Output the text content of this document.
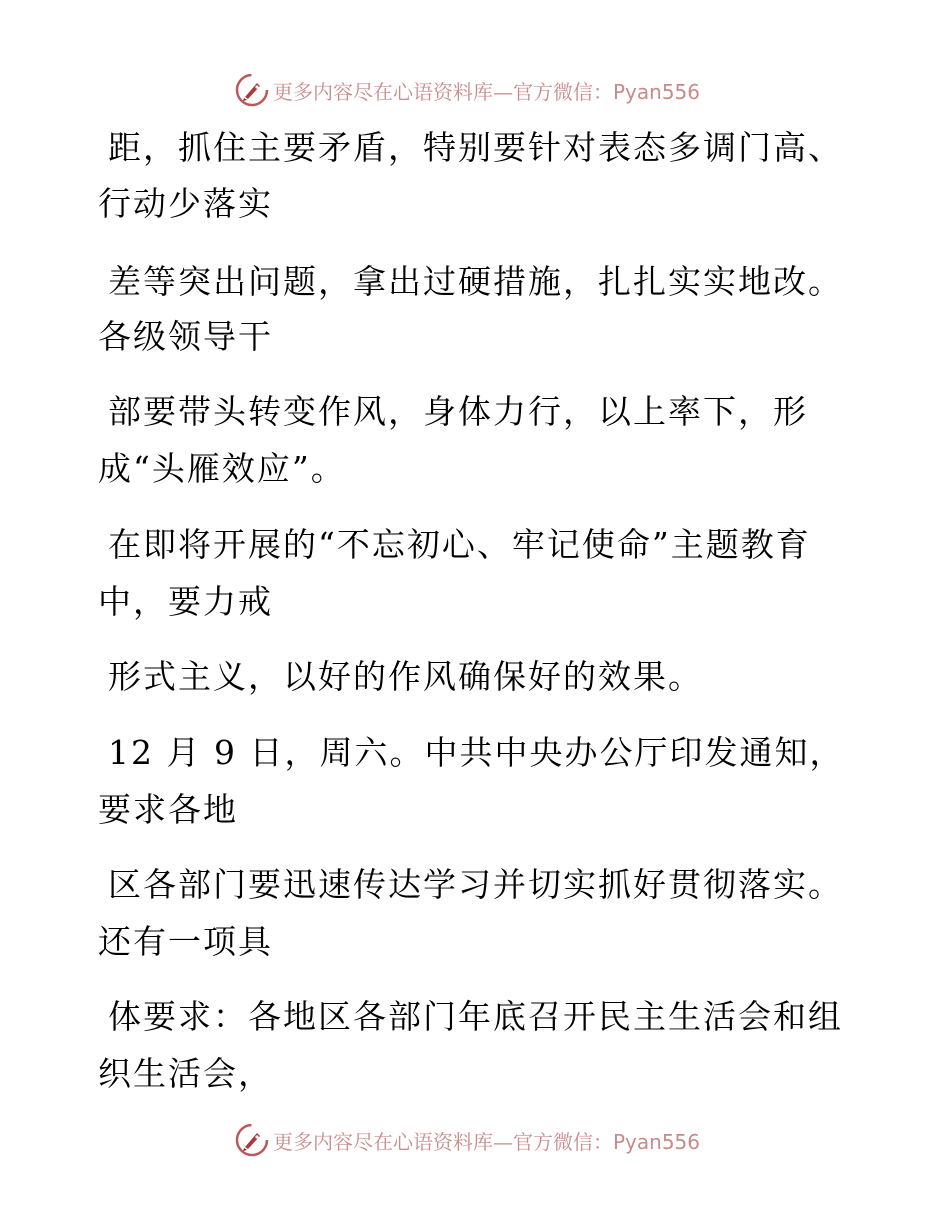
更多内容尽在心语资料库—官方微信：Pyan556
距，抓住主要矛盾，特别要针对表态多调门高、
行动少落实
差等突出问题，拿出过硬措施，扎扎实实地改。
各级领导干
部要带头转变作风，身体力行，以上率下，形
成“头雁效应”。
在即将开展的“不忘初心、牢记使命”主题教育
中，要力戒
形式主义，以好的作风确保好的效果。
12 月 9 日，周六。中共中央办公厅印发通知，
要求各地
区各部门要迅速传达学习并切实抓好贯彻落实。
还有一项具
体要求：各地区各部门年底召开民主生活会和组
织生活会，
更多内容尽在心语资料库—官方微信：Pyan556
